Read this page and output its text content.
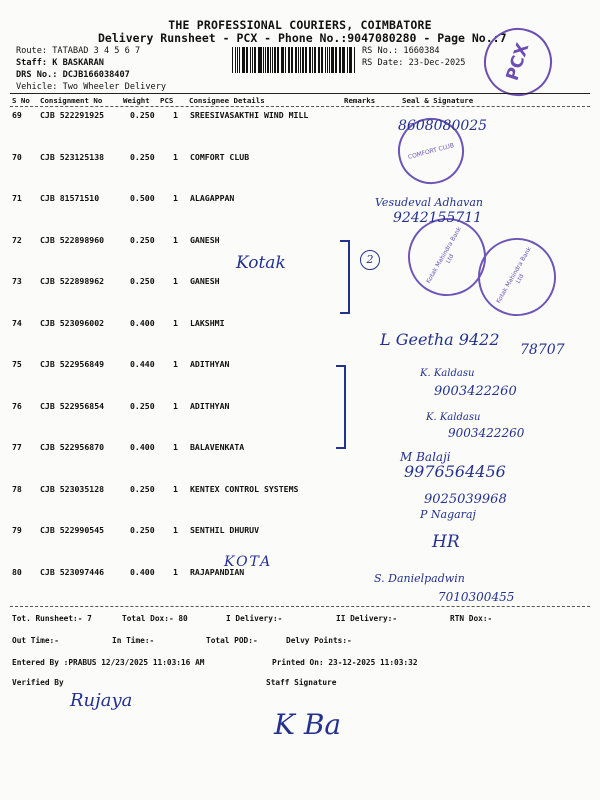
THE PROFESSIONAL COURIERS, COIMBATORE
Delivery Runsheet - PCX - Phone No.:9047080280 - Page No.:7
Route: TATABAD 3 4 5 6 7
Staff: K BASKARAN
DRS No.: DCJB166038407
Vehicle: Two Wheeler Delivery
RS No.: 1660384
RS Date: 23-Dec-2025	PCX
S No Consignment No	Weight PCS Consignee Details	Remarks	Seal & Signature
69 CJB 522291925	0.250 1 SREESIVASAKTHI WIND MILL
70 CJB 523125138	0.250 1 COMFORT CLUB
71 CJB 81571510	0.500 1 ALAGAPPAN
72 CJB 522898960	0.250 1 GANESH
73 CJB 522898962	0.250 1 GANESH
74 CJB 523096002	0.400 1 LAKSHMI
75 CJB 522956849	0.440 1 ADITHYAN
76 CJB 522956854	0.250 1 ADITHYAN
77 CJB 522956870	0.400 1 BALAVENKATA
78 CJB 523035128	0.250 1 KENTEX CONTROL SYSTEMS
79 CJB 522990545	0.250 1 SENTHIL DHURUV
80 CJB 523097446	0.400 1 RAJAPANDIAN
COMFORT CLUB
Kotak Mahindra Bank Ltd	Kotak Mahindra Bank Ltd
8608080025
Vesudeval Adhavan
9242155711
Kotak	2
L Geetha 9422
78707
K. Kaldasu
9003422260
K. Kaldasu
9003422260
M Balaji
9976564456
9025039968
P Nagaraj
HR
KOTA
S. Danielpadwin
7010300455
Tot. Runsheet:- 7	Total Dox:- 80	I Delivery:-	II Delivery:-	RTN Dox:-
Out Time:-	In Time:-	Total POD:-	Delvy Points:-
Entered By :PRABUS 12/23/2025 11:03:16 AM	Printed On: 23-12-2025 11:03:32
Verified By	Staff Signature
Rujaya
K Ba
